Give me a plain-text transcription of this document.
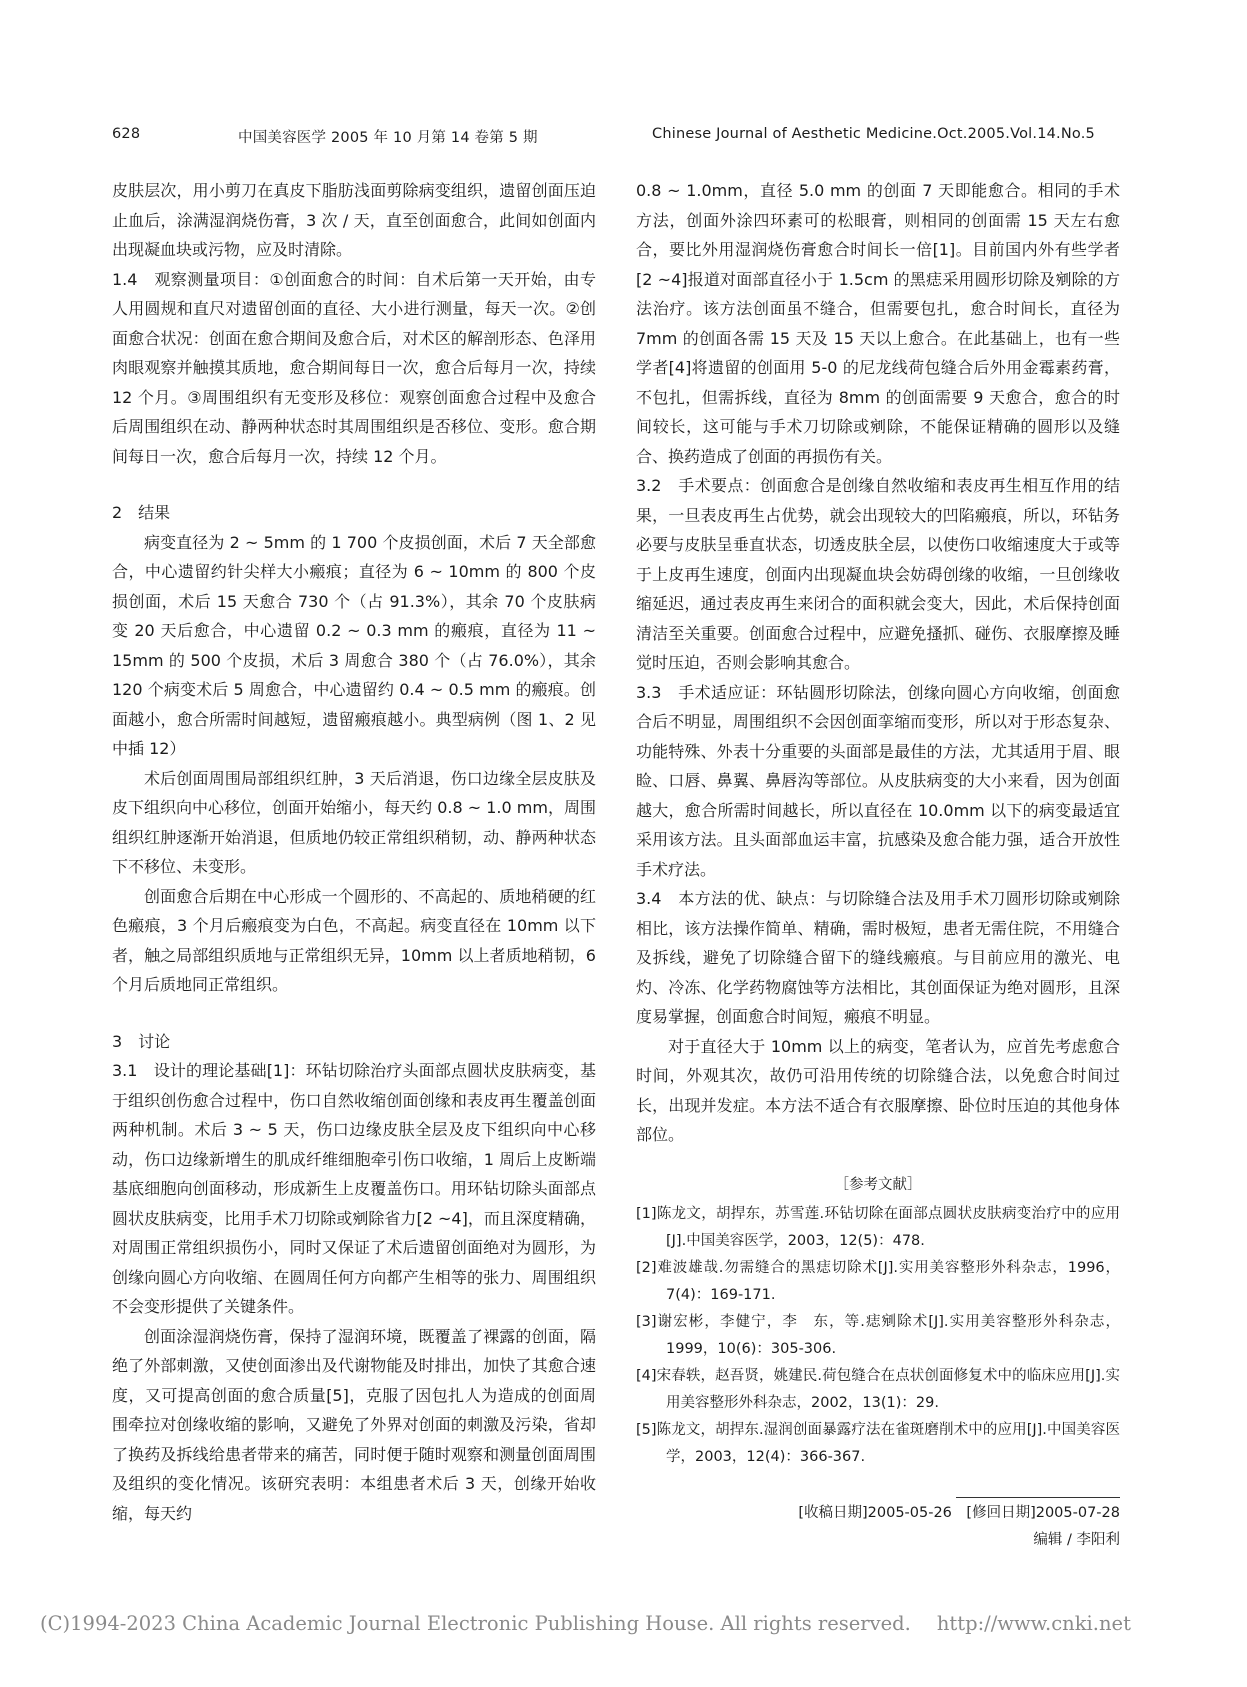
628	中国美容医学 2005 年 10 月第 14 卷第 5 期	Chinese Journal of Aesthetic Medicine.Oct.2005.Vol.14.No.5

皮肤层次，用小剪刀在真皮下脂肪浅面剪除病变组织，遗留创面压迫止血后，涂满湿润烧伤膏，3 次 / 天，直至创面愈合，此间如创面内出现凝血块或污物，应及时清除。

1.4　观察测量项目：①创面愈合的时间：自术后第一天开始，由专人用圆规和直尺对遗留创面的直径、大小进行测量，每天一次。②创面愈合状况：创面在愈合期间及愈合后，对术区的解剖形态、色泽用肉眼观察并触摸其质地，愈合期间每日一次，愈合后每月一次，持续 12 个月。③周围组织有无变形及移位：观察创面愈合过程中及愈合后周围组织在动、静两种状态时其周围组织是否移位、变形。愈合期间每日一次，愈合后每月一次，持续 12 个月。

2　结果

病变直径为 2 ~ 5mm 的 1 700 个皮损创面，术后 7 天全部愈合，中心遗留约针尖样大小瘢痕；直径为 6 ~ 10mm 的 800 个皮损创面，术后 15 天愈合 730 个（占 91.3%），其余 70 个皮肤病变 20 天后愈合，中心遗留 0.2 ~ 0.3 mm 的瘢痕，直径为 11 ~ 15mm 的 500 个皮损，术后 3 周愈合 380 个（占 76.0%），其余 120 个病变术后 5 周愈合，中心遗留约 0.4 ~ 0.5 mm 的瘢痕。创面越小，愈合所需时间越短，遗留瘢痕越小。典型病例（图 1、2 见中插 12）

术后创面周围局部组织红肿，3 天后消退，伤口边缘全层皮肤及皮下组织向中心移位，创面开始缩小，每天约 0.8 ~ 1.0 mm，周围组织红肿逐渐开始消退，但质地仍较正常组织稍韧，动、静两种状态下不移位、未变形。

创面愈合后期在中心形成一个圆形的、不高起的、质地稍硬的红色瘢痕，3 个月后瘢痕变为白色，不高起。病变直径在 10mm 以下者，触之局部组织质地与正常组织无异，10mm 以上者质地稍韧，6 个月后质地同正常组织。

3　讨论

3.1　设计的理论基础[1]：环钻切除治疗头面部点圆状皮肤病变，基于组织创伤愈合过程中，伤口自然收缩创面创缘和表皮再生覆盖创面两种机制。术后 3 ~ 5 天，伤口边缘皮肤全层及皮下组织向中心移动，伤口边缘新增生的肌成纤维细胞牵引伤口收缩，1 周后上皮断端基底细胞向创面移动，形成新生上皮覆盖伤口。用环钻切除头面部点圆状皮肤病变，比用手术刀切除或剜除省力[2 ~4]，而且深度精确，对周围正常组织损伤小，同时又保证了术后遗留创面绝对为圆形，为创缘向圆心方向收缩、在圆周任何方向都产生相等的张力、周围组织不会变形提供了关键条件。

创面涂湿润烧伤膏，保持了湿润环境，既覆盖了裸露的创面，隔绝了外部刺激，又使创面渗出及代谢物能及时排出，加快了其愈合速度，又可提高创面的愈合质量[5]，克服了因包扎人为造成的创面周围牵拉对创缘收缩的影响，又避免了外界对创面的刺激及污染，省却了换药及拆线给患者带来的痛苦，同时便于随时观察和测量创面周围及组织的变化情况。该研究表明：本组患者术后 3 天，创缘开始收缩，每天约

0.8 ~ 1.0mm，直径 5.0 mm 的创面 7 天即能愈合。相同的手术方法，创面外涂四环素可的松眼膏，则相同的创面需 15 天左右愈合，要比外用湿润烧伤膏愈合时间长一倍[1]。目前国内外有些学者[2 ~4]报道对面部直径小于 1.5cm 的黑痣采用圆形切除及剜除的方法治疗。该方法创面虽不缝合，但需要包扎，愈合时间长，直径为 7mm 的创面各需 15 天及 15 天以上愈合。在此基础上，也有一些学者[4]将遗留的创面用 5-0 的尼龙线荷包缝合后外用金霉素药膏，不包扎，但需拆线，直径为 8mm 的创面需要 9 天愈合，愈合的时间较长，这可能与手术刀切除或剜除，不能保证精确的圆形以及缝合、换药造成了创面的再损伤有关。

3.2　手术要点：创面愈合是创缘自然收缩和表皮再生相互作用的结果，一旦表皮再生占优势，就会出现较大的凹陷瘢痕，所以，环钻务必要与皮肤呈垂直状态，切透皮肤全层，以使伤口收缩速度大于或等于上皮再生速度，创面内出现凝血块会妨碍创缘的收缩，一旦创缘收缩延迟，通过表皮再生来闭合的面积就会变大，因此，术后保持创面清洁至关重要。创面愈合过程中，应避免搔抓、碰伤、衣服摩擦及睡觉时压迫，否则会影响其愈合。

3.3　手术适应证：环钻圆形切除法，创缘向圆心方向收缩，创面愈合后不明显，周围组织不会因创面挛缩而变形，所以对于形态复杂、功能特殊、外表十分重要的头面部是最佳的方法，尤其适用于眉、眼睑、口唇、鼻翼、鼻唇沟等部位。从皮肤病变的大小来看，因为创面越大，愈合所需时间越长，所以直径在 10.0mm 以下的病变最适宜采用该方法。且头面部血运丰富，抗感染及愈合能力强，适合开放性手术疗法。

3.4　本方法的优、缺点：与切除缝合法及用手术刀圆形切除或剜除相比，该方法操作简单、精确，需时极短，患者无需住院，不用缝合及拆线，避免了切除缝合留下的缝线瘢痕。与目前应用的激光、电灼、冷冻、化学药物腐蚀等方法相比，其创面保证为绝对圆形，且深度易掌握，创面愈合时间短，瘢痕不明显。

对于直径大于 10mm 以上的病变，笔者认为，应首先考虑愈合时间，外观其次，故仍可沿用传统的切除缝合法，以免愈合时间过长，出现并发症。本方法不适合有衣服摩擦、卧位时压迫的其他身体部位。

［参考文献］
[1]陈龙文，胡捍东，苏雪莲.环钻切除在面部点圆状皮肤病变治疗中的应用[J].中国美容医学，2003，12(5)：478.
[2]难波雄哉.勿需缝合的黑痣切除术[J].实用美容整形外科杂志，1996，7(4)：169-171.
[3]谢宏彬，李健宁，李　东，等.痣剜除术[J].实用美容整形外科杂志，1999，10(6)：305-306.
[4]宋春轶，赵吾贤，姚建民.荷包缝合在点状创面修复术中的临床应用[J].实用美容整形外科杂志，2002，13(1)：29.
[5]陈龙文，胡捍东.湿润创面暴露疗法在雀斑磨削术中的应用[J].中国美容医学，2003，12(4)：366-367.
[收稿日期]2005-05-26　[修回日期]2005-07-28
编辑 / 李阳利
(C)1994-2023 China Academic Journal Electronic Publishing House. All rights reserved. http://www.cnki.net
